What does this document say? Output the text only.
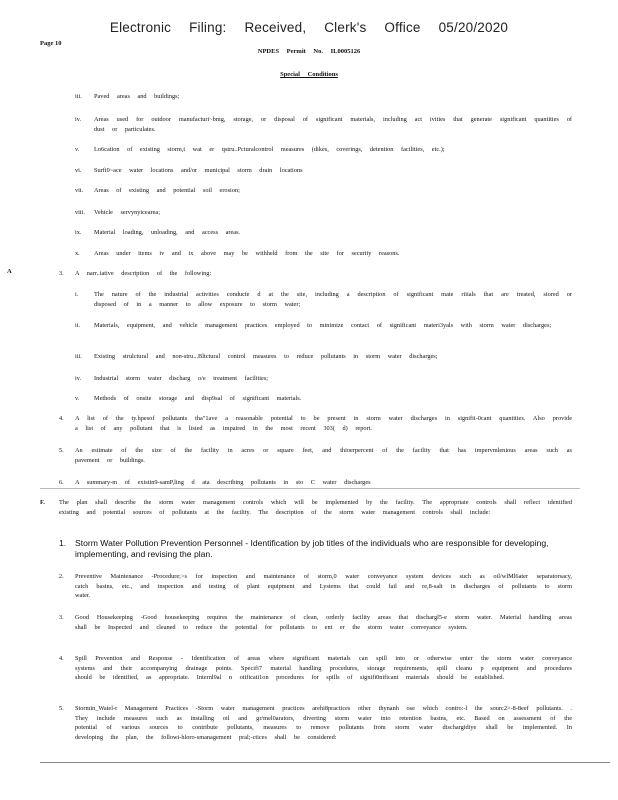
Electronic Filing: Received, Clerk's Office 05/20/2020
Page 10
NPDES Permit No. IL0005126
Special Conditions
A
iii. Paved areas and buildings;
iv. Areas used for outdoor manufacturi~bmg, storage, or disposal of significant materials, including act ivities that generate significant quantities of dust or particulates.
v. Lo6cation of existing storm,t wat er qstru..Pcturalcontrol measures (dikes, coverings, detention facilities, etc.);
vi. Surfi0~ace water locations and/or municipal storm drain locations
vii. Areas of existing and potential soil erosion;
viii. Vehicle servynyicearea;
ix. Material loading, unloading, and access areas.
x. Areas under items iv and ix above may be withheld from the site for security reasons.
3. A narr..iative description of the following:
i. The nature of the industrial activities conducte d at the site, including a description of significant mate riiials that are treated, stored or disposed of in a manner to allow exposure to storm water;
ii. Materials, equipment, and vehicle management practices employed to minimize contact of significant materi3yals with storm water discharges;
iii. Existing strulctural and non-stru...Bltctural control measures to reduce pollutants in storm water discharges;
iv. Industrial storm water discharg o/e treatment facilities;
v. Methods of onsite storage and disp9sal of significant materials.
4. A list of the ty.hpesof pollutants tha"1ave a reasonable potential to be present in storm water discharges in signifii-0cant quantities. Also provide a list of any pollutant that is listed as impaired in the most recent 303( d) report.
5. An estimate of the size of the facility in acres or square feet, and thioerpercent of the facility that has impervmlenious areas such as pavement or buildings.
6. A summary-m of existin9-samP,ling d ata describing pollutants in sto C water discharges
F. The plan shall describe the storm water management controls which will be implemented by the facility. The appropriate controls shall reflect identified existing and potential sources of pollutants at the facility. The description of the storm water management controls shall include:
1. Storm Water Pollution Prevention Personnel - Identification by job titles of the individuals who are responsible for developing, implementing, and revising the plan.
2. Preventive Maintenance -Procedure;>s for inspection and maintenance of storm,0 water conveyance system devices such as oil/wlMl6ater separatorsacy, catch basins, etc., and inspection and testing of plant equipment and Lystems that could fail and re,8-salt in discharges of pollutants to storm water.
3. Good Housekeeping -Good housekeeping requires the maintenance of clean, orderly facility areas that dischargl5-e storm water. Material handling areas shall be Inspected and cleaned to reduce the potential for pollutants to ent er the storm water conveyance system.
4. Spill Prevention and Response - Identification of areas where significant materials can spill into or otherwise enter the storm water conveyance systems and their accompanying drainage points. Specifi7 material handling procedures, storage requirements, spill cleanu p equipment and procedures should be identified, as appropriate. Internl9al n otificati1on procedures for spills of signifi0nificant materials should be established.
5. Stormin_Watel-r Management Practices -Storm water management practices arehi8practices other thynanh ose which contro:-l the sourc2>-8-8eef pollutants. . They include measures such as installing oil and gr/mel0arators, diverting storm water into retention basins, etc. Based on assessment of the potential of various sources to contribute pollutants, measures to remove pollutants from storm water dischargidiye shall be implemented. In developing the plan, the followi-hloro-smanagement pral;-ctices shall be considered:
